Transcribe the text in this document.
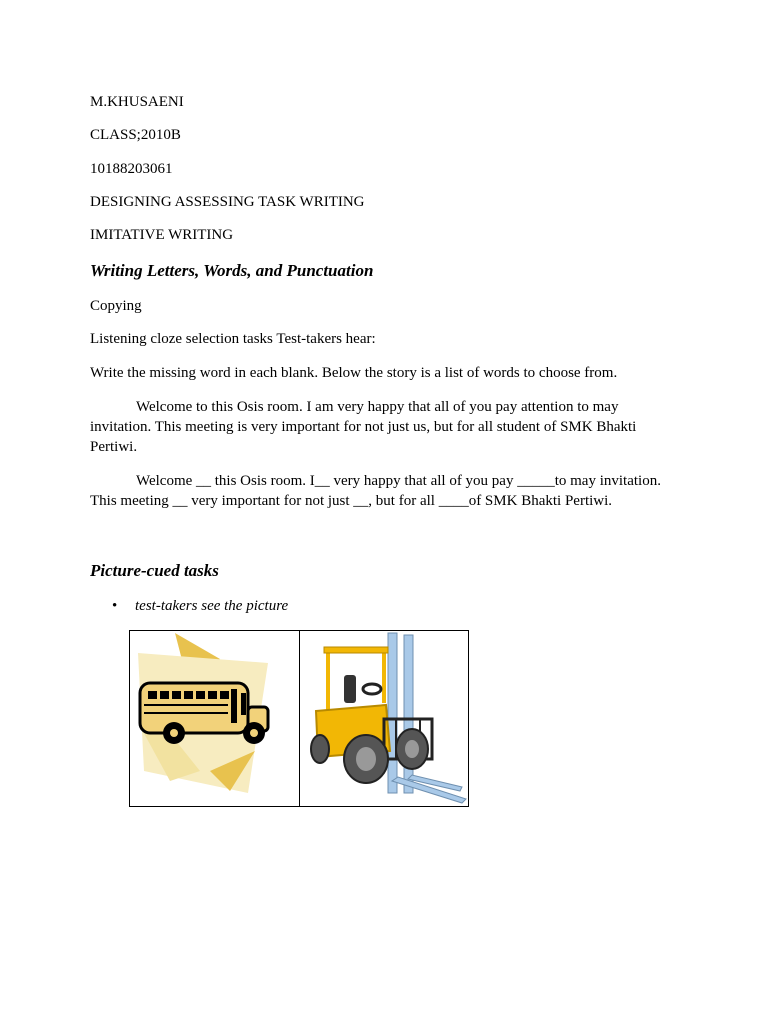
M.KHUSAENI
CLASS;2010B
10188203061
DESIGNING ASSESSING TASK WRITING
IMITATIVE WRITING
Writing Letters, Words, and Punctuation
Copying
Listening cloze selection tasks Test-takers hear:
Write the missing word in each blank. Below the story is a list of words to choose from.
Welcome to this Osis room. I am very happy that all of you pay attention to may invitation. This meeting is very important for not just us, but for all student of SMK Bhakti Pertiwi.
Welcome __ this Osis room. I__ very happy that all of you pay _____to may invitation. This meeting __ very important for not just __, but for all ____of SMK Bhakti Pertiwi.
Picture-cued tasks
• test-takers see the picture
